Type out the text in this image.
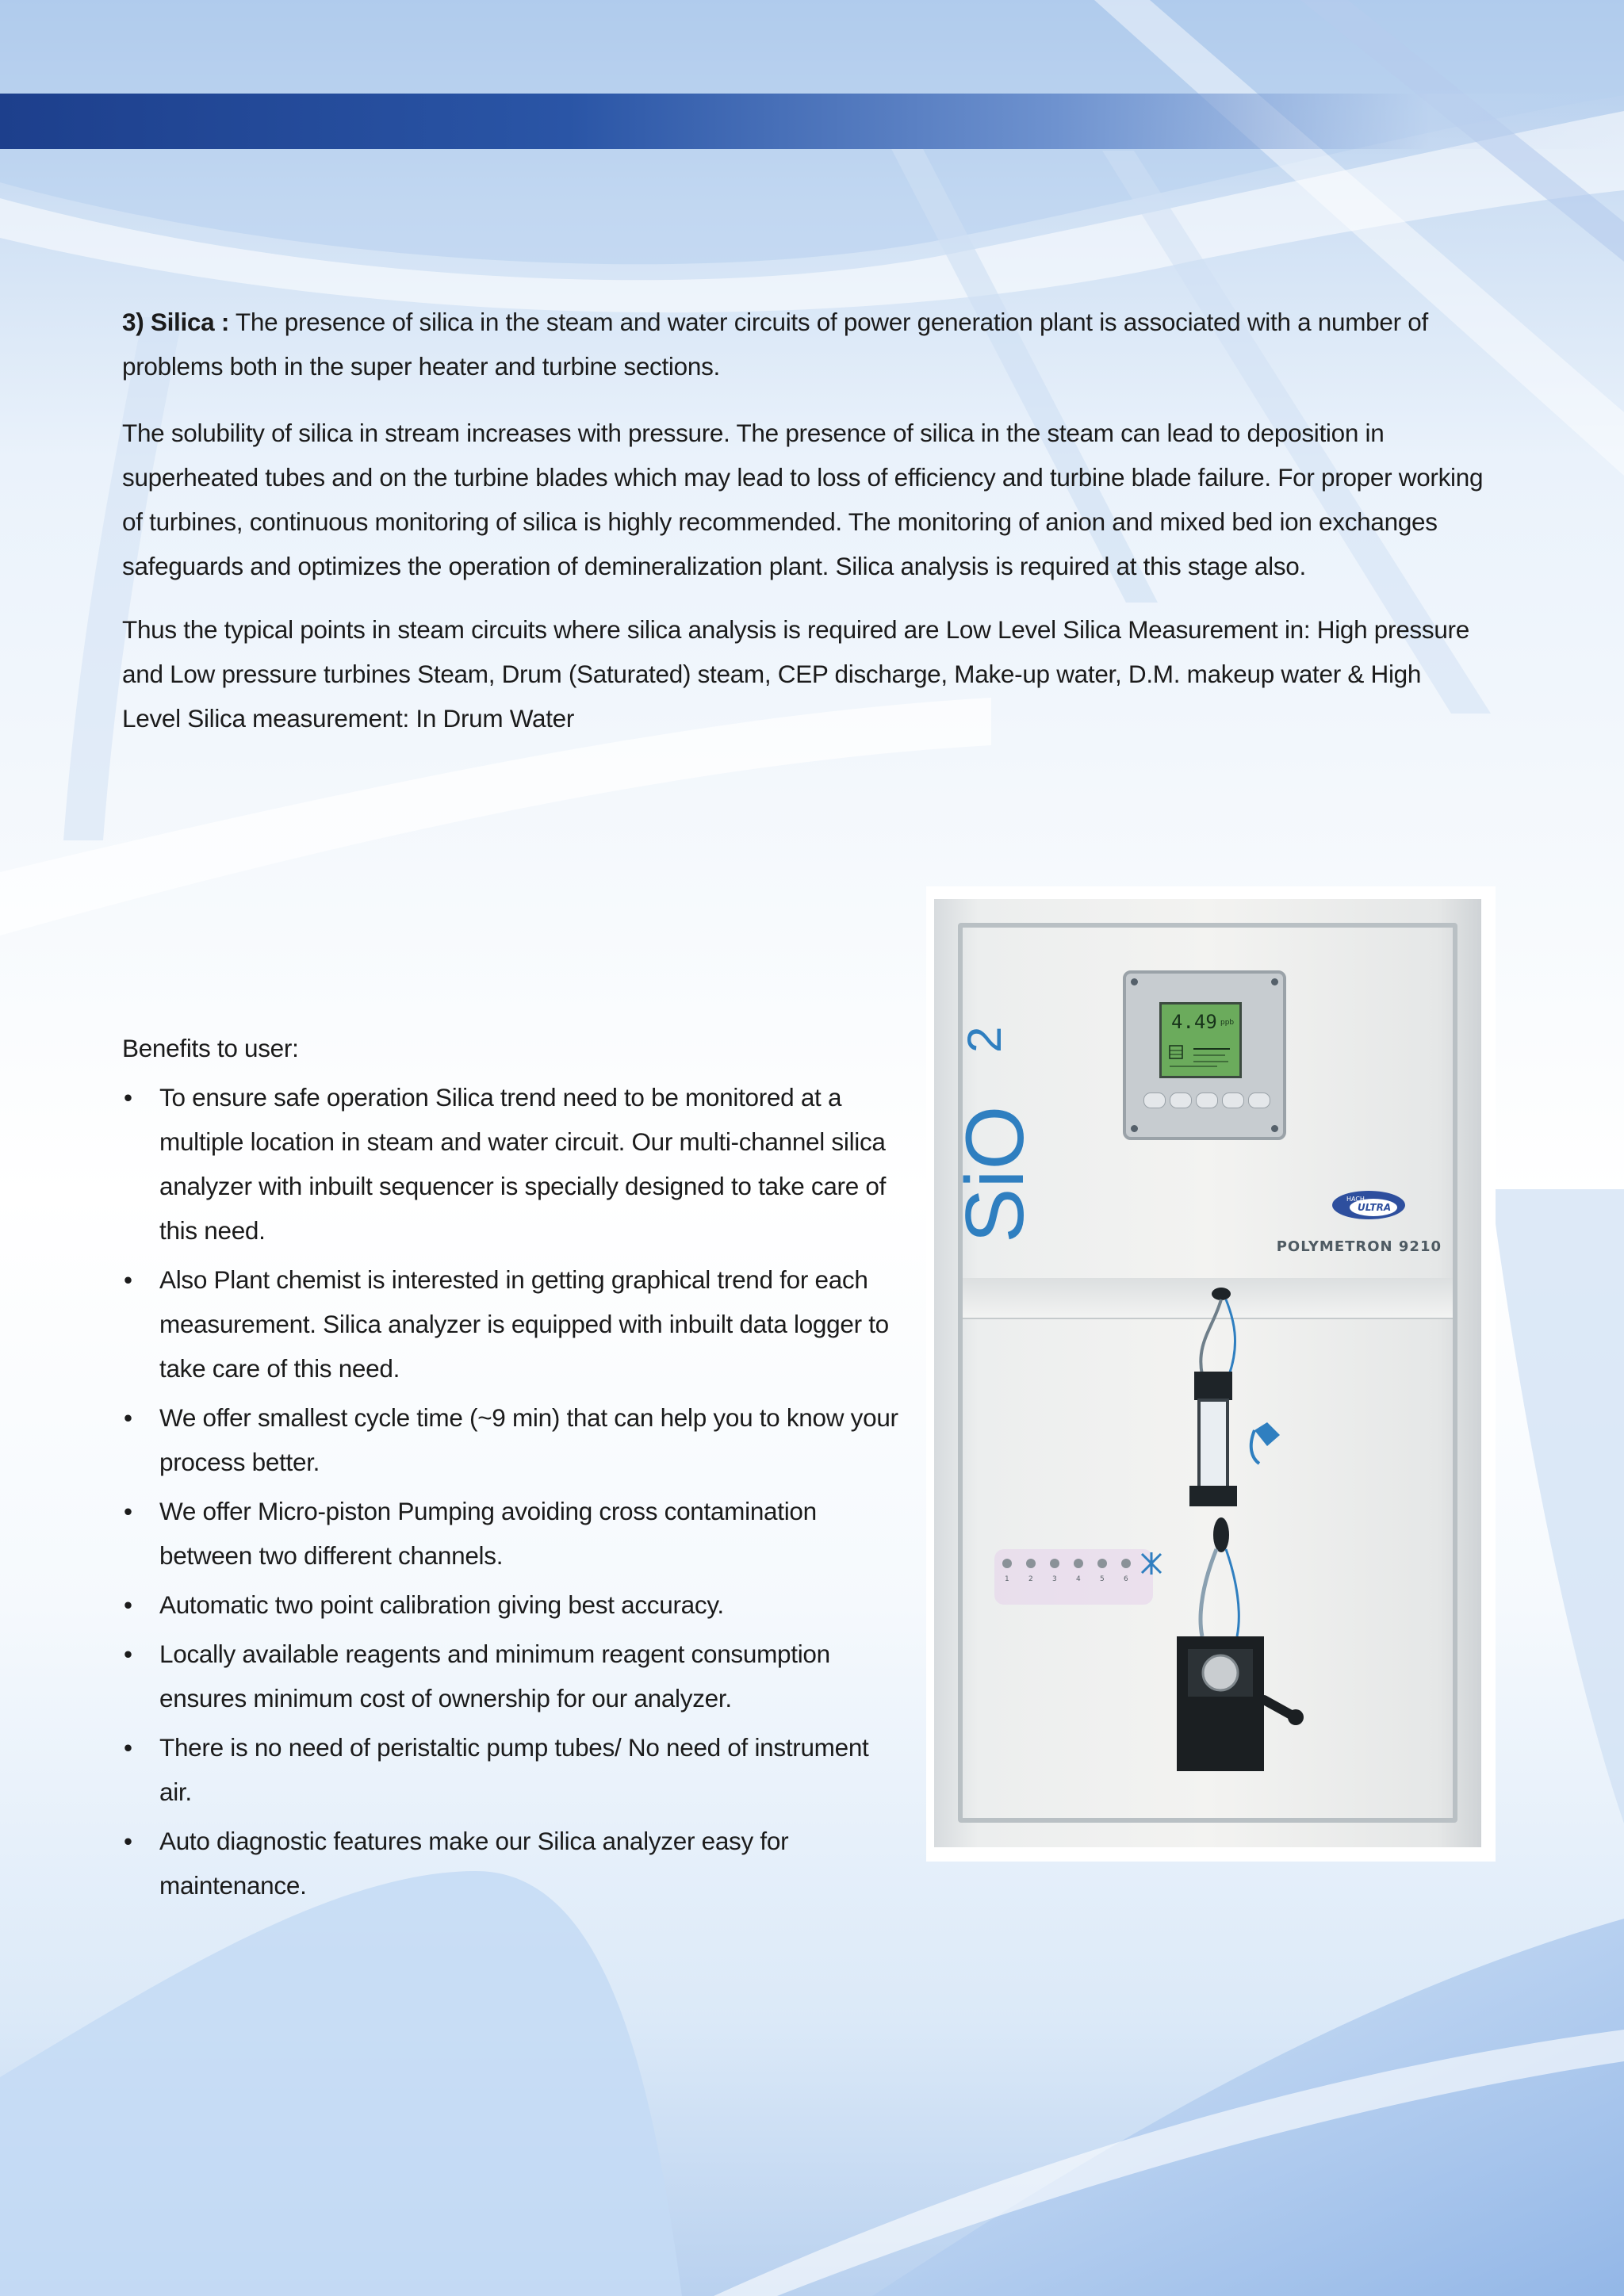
3) Silica : The presence of silica in the steam and water circuits of power generation plant is associated with a number of problems both in the super heater and turbine sections.

The solubility of silica in stream increases with pressure. The presence of silica in the steam can lead to deposition in superheated tubes and on the turbine blades which may lead to loss of efficiency and turbine blade failure. For proper working of turbines, continuous monitoring of silica is highly recommended. The monitoring of anion and mixed bed ion exchanges safeguards and optimizes the operation of demineralization plant. Silica analysis is required at this stage also.

Thus the typical points in steam circuits where silica analysis is required are Low Level Silica Measurement in: High pressure and Low pressure turbines Steam, Drum (Saturated) steam, CEP discharge, Make-up water, D.M. makeup water & High Level Silica measurement: In Drum Water

Benefits to user:
• To ensure safe operation Silica trend need to be monitored at a multiple location in steam and water circuit. Our multi-channel silica analyzer with inbuilt sequencer is specially designed to take care of this need.
• Also Plant chemist is interested in getting graphical trend for each measurement. Silica analyzer is equipped with inbuilt data logger to take care of this need.
• We offer smallest cycle time (~9 min) that can help you to know your process better.
• We offer Micro-piston Pumping avoiding cross contamination between two different channels.
• Automatic two point calibration giving best accuracy.
• Locally available reagents and minimum reagent consumption ensures minimum cost of ownership for our analyzer.
• There is no need of peristaltic pump tubes/ No need of instrument air.
• Auto diagnostic features make our Silica analyzer easy for maintenance.
SiO
2
4.49 ppb
HACH
ULTRA
POLYMETRON 9210
1	2	3	4	5	6
